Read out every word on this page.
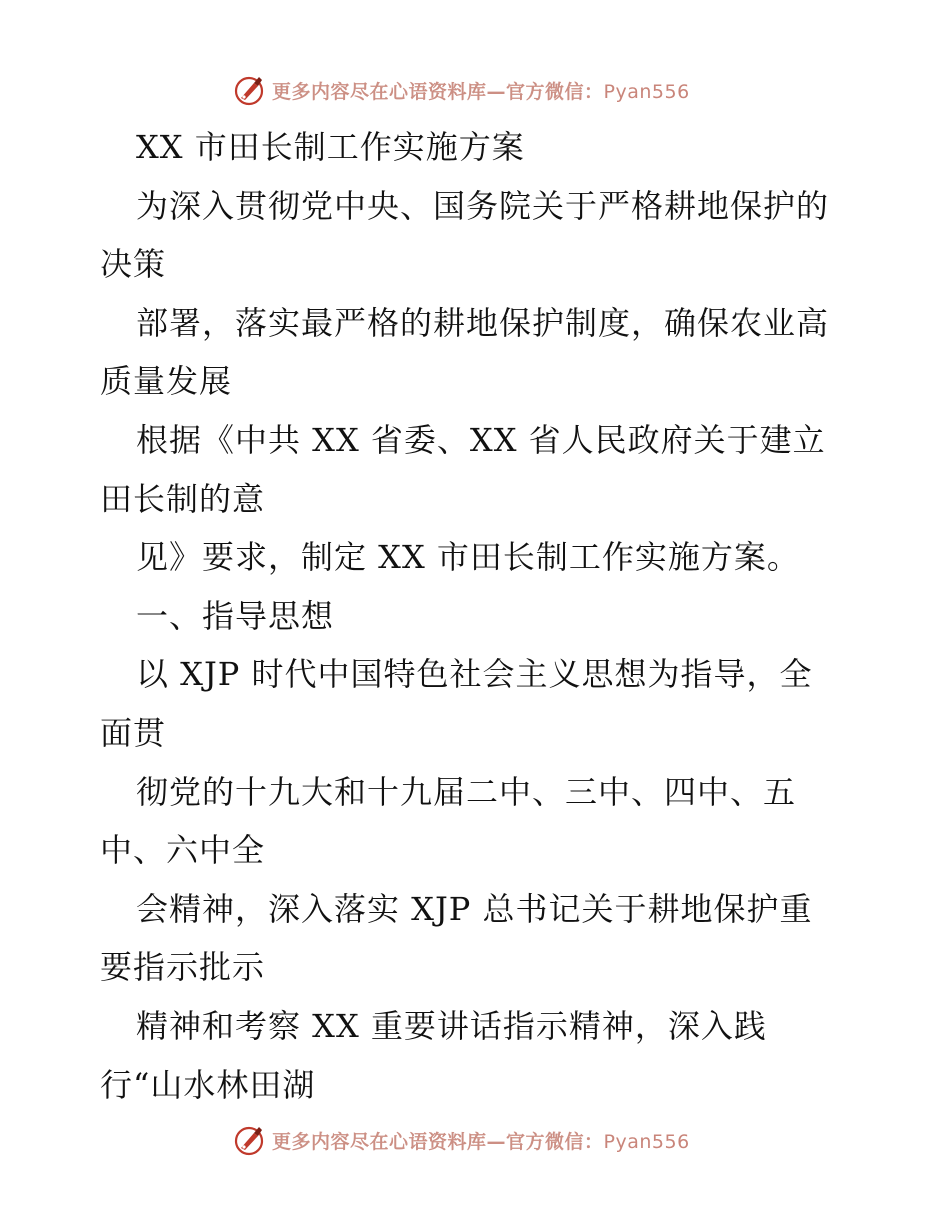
更多内容尽在心语资料库—官方微信：Pyan556
XX 市田长制工作实施方案
为深入贯彻党中央、国务院关于严格耕地保护的
决策
部署，落实最严格的耕地保护制度，确保农业高
质量发展
根据《中共 XX 省委、XX 省人民政府关于建立
田长制的意
见》要求，制定 XX 市田长制工作实施方案。
一、指导思想
以 XJP 时代中国特色社会主义思想为指导，全
面贯
彻党的十九大和十九届二中、三中、四中、五
中、六中全
会精神，深入落实 XJP 总书记关于耕地保护重
要指示批示
精神和考察 XX 重要讲话指示精神，深入践
行“山水林田湖
更多内容尽在心语资料库—官方微信：Pyan556
